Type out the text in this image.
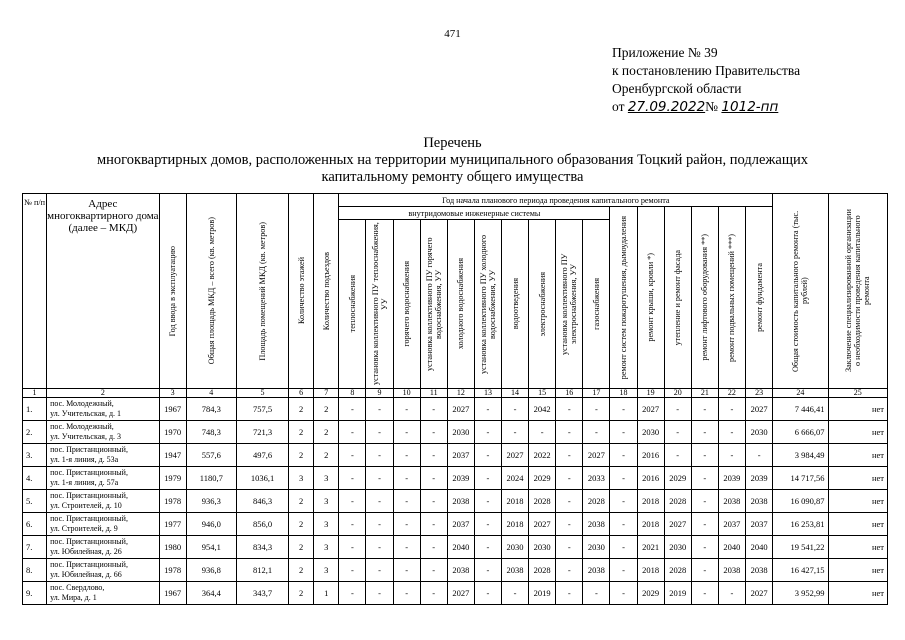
471
Приложение № 39
к постановлению Правительства
Оренбургской области
от 27.09.2022№ 1012-пп
Перечень
многоквартирных домов, расположенных на территории муниципального образования Тоцкий район, подлежащих
капитальному ремонту общего имущества
№ п/п	Адрес многоквартирного дома (далее – МКД)	Год ввода в эксплуатацию	Общая площадь МКД – всего (кв. метров)	Площадь помещений МКД (кв. метров)	Количество этажей	Количество подъездов	Год начала планового периода проведения капитального ремонта																Общая стоимость капитального ремонта (тыс. рублей)	Заключение специализированной организации о необходимости проведения капитального ремонта

							внутридомовые инженерные системы										ремонт систем пожаротушения, дымоудаления	ремонт крыши, кровли *)	утепление и ремонт фасада	ремонт лифтового оборудования **)	ремонт подвальных помещений ***)	ремонт фундамента		

							теплоснабжения	установка коллективного ПУ теплоснабжения, УУ	горячего водоснабжения	установка коллективного ПУ горячего водоснабжения, УУ	холодного водоснабжения	установка коллективного ПУ холодного водоснабжения, УУ	водоотведения	электроснабжения	установка коллективного ПУ электроснабжения, УУ	газоснабжения								

1	2	3	4	5	6	7	8	9	10	11	12	13	14	15	16	17	18	19	20	21	22	23	24	25
1.	пос. Молодежный,
ул. Учительская, д. 1	1967	784,3	757,5	2	2	-	-	-	-	2027	-	-	2042	-	-	-	2027	-	-	-	2027	7 446,41	нет
2.	пос. Молодежный,
ул. Учительская, д. 3	1970	748,3	721,3	2	2	-	-	-	-	2030	-	-	-	-	-	-	2030	-	-	-	2030	6 666,07	нет
3.	пос. Пристанционный,
ул. 1-я линия, д. 53а	1947	557,6	497,6	2	2	-	-	-	-	2037	-	2027	2022	-	2027	-	2016	-	-	-	-	3 984,49	нет
4.	пос. Пристанционный,
ул. 1-я линия, д. 57а	1979	1180,7	1036,1	3	3	-	-	-	-	2039	-	2024	2029	-	2033	-	2016	2029	-	2039	2039	14 717,56	нет
5.	пос. Пристанционный,
ул. Строителей, д. 10	1978	936,3	846,3	2	3	-	-	-	-	2038	-	2018	2028	-	2028	-	2018	2028	-	2038	2038	16 090,87	нет
6.	пос. Пристанционный,
ул. Строителей, д. 9	1977	946,0	856,0	2	3	-	-	-	-	2037	-	2018	2027	-	2038	-	2018	2027	-	2037	2037	16 253,81	нет
7.	пос. Пристанционный,
ул. Юбилейная, д. 26	1980	954,1	834,3	2	3	-	-	-	-	2040	-	2030	2030	-	2030	-	2021	2030	-	2040	2040	19 541,22	нет
8.	пос. Пристанционный,
ул. Юбилейная, д. 66	1978	936,8	812,1	2	3	-	-	-	-	2038	-	2038	2028	-	2038	-	2018	2028	-	2038	2038	16 427,15	нет
9.	пос. Свердлово,
ул. Мира, д. 1	1967	364,4	343,7	2	1	-	-	-	-	2027	-	-	2019	-	-	-	2029	2019	-	-	2027	3 952,99	нет
